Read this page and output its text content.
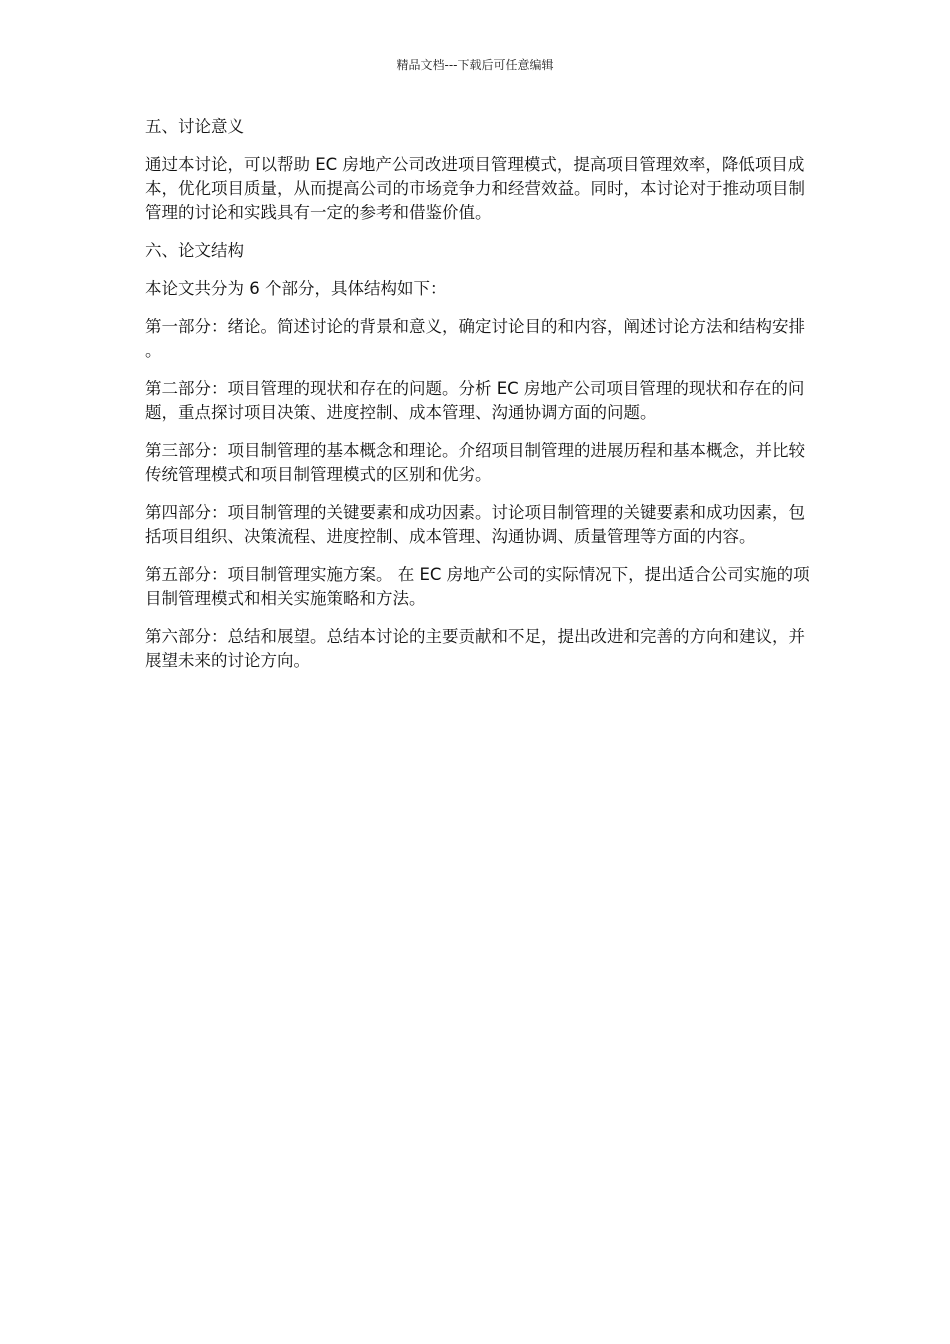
精品文档---下载后可任意编辑

五、讨论意义

通过本讨论，可以帮助 EC 房地产公司改进项目管理模式，提高项目管理效率，降低项目成本，优化项目质量，从而提高公司的市场竞争力和经营效益。同时，本讨论对于推动项目制管理的讨论和实践具有一定的参考和借鉴价值。

六、论文结构

本论文共分为 6 个部分，具体结构如下：

第一部分：绪论。简述讨论的背景和意义，确定讨论目的和内容，阐述讨论方法和结构安排。

第二部分：项目管理的现状和存在的问题。分析 EC 房地产公司项目管理的现状和存在的问题，重点探讨项目决策、进度控制、成本管理、沟通协调方面的问题。

第三部分：项目制管理的基本概念和理论。介绍项目制管理的进展历程和基本概念，并比较传统管理模式和项目制管理模式的区别和优劣。

第四部分：项目制管理的关键要素和成功因素。讨论项目制管理的关键要素和成功因素，包括项目组织、决策流程、进度控制、成本管理、沟通协调、质量管理等方面的内容。

第五部分：项目制管理实施方案。 在 EC 房地产公司的实际情况下，提出适合公司实施的项目制管理模式和相关实施策略和方法。

第六部分：总结和展望。总结本讨论的主要贡献和不足，提出改进和完善的方向和建议，并展望未来的讨论方向。
